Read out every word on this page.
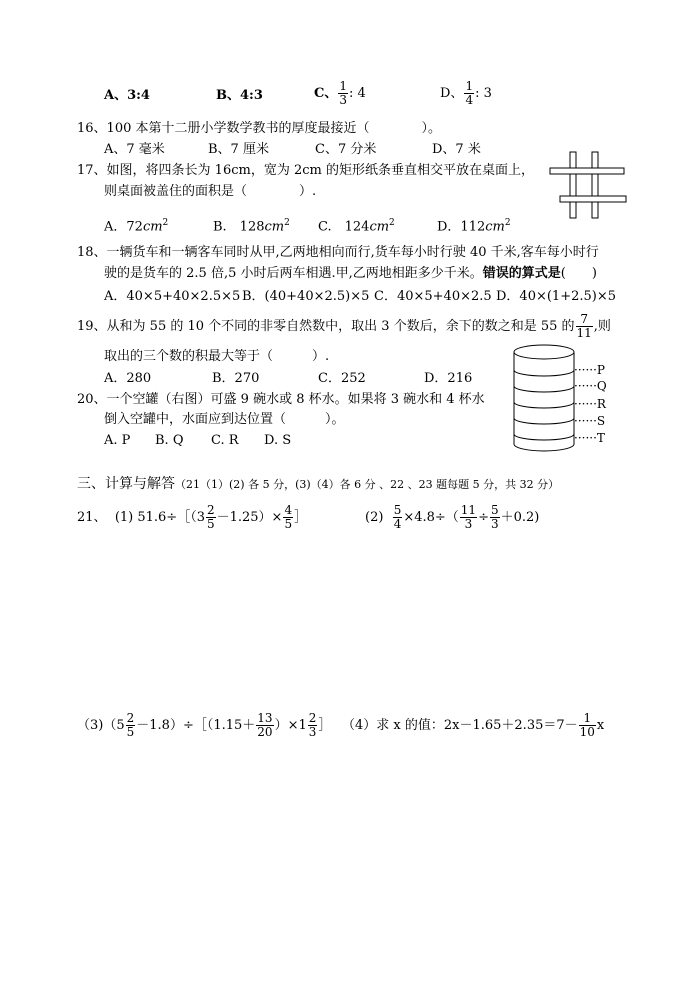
A、3:4	B、4:3	C、 $\frac{1}{3}$ : 4	D、 $\frac{1}{4}$ : 3
16、100 本第十二册小学数学教书的厚度最接近（　　　　）。
A、7 毫米	B、7 厘米	C、7 分米	D、7 米
17、如图，将四条长为 16cm，宽为 2cm 的矩形纸条垂直相交平放在桌面上，
则桌面被盖住的面积是（　　　　）.
A．$72cm^2$	B.　$128cm^2$ C.　$124cm^2$	D．$112cm^2$
18、一辆货车和一辆客车同时从甲,乙两地相向而行,货车每小时行驶 40 千米,客车每小时行
驶的是货车的 2.5 倍,5 小时后两车相遇.甲,乙两地相距多少千米。错误的算式是(　　)
A．40×5+40×2.5×5 B．(40+40×2.5)×5 C．40×5+40×2.5 D．40×(1+2.5)×5
19、从和为 55 的 10 个不同的非零自然数中，取出 3 个数后，余下的数之和是 55 的 $\frac{7}{11}$ ,则
取出的三个数的积最大等于（　　　）.
A．280	B．270	C．252	D．216
20、一个空罐（右图）可盛 9 碗水或 8 杯水。如果将 3 碗水和 4 杯水
倒入空罐中，水面应到达位置（　　　）。
A. P B. Q C. R D. S
······P
······Q
······R
······S
······T
三、计算与解答（21（1）(2) 各 5 分，(3)（4）各 6 分 、22 、23 题每题 5 分，共 32 分）
21、 (1) 51.6÷［（3 $\frac{2}{5} -1.25)\times \frac{4}{5}$ ］	$(2) \frac{5}{4} \times 4.8\div( \frac{11}{3} \div \frac{5}{3} +0.2)$
$(3)(5 \frac{2}{5}$ －1.8）÷［（1.15＋ $\frac{13}{20} )\times 1 \frac{2}{3}$ ］ （4）求 x 的值：$2x-1.65+2.35=7- \frac{1}{10}$ x
